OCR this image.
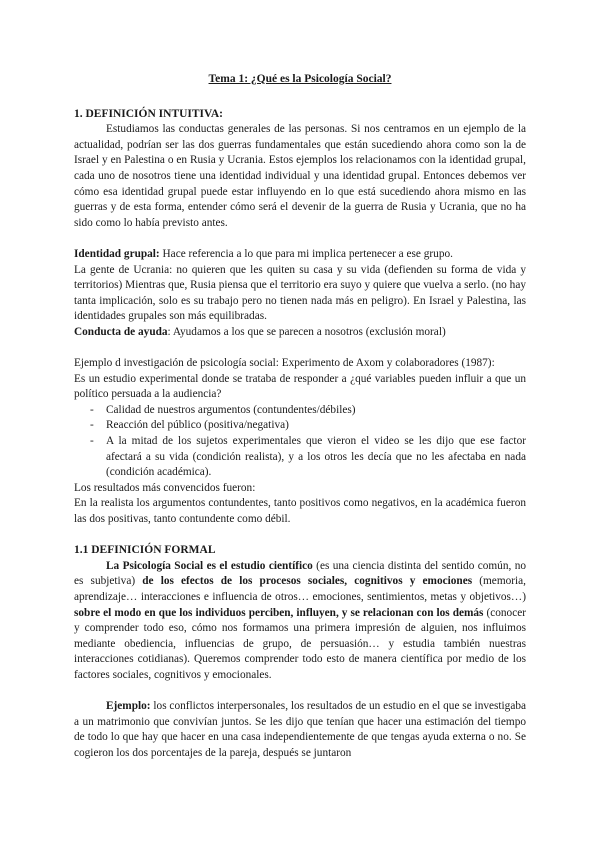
Tema 1: ¿Qué es la Psicología Social?

1. DEFINICIÓN INTUITIVA:

Estudiamos las conductas generales de las personas. Si nos centramos en un ejemplo de la actualidad, podrían ser las dos guerras fundamentales que están sucediendo ahora como son la de Israel y en Palestina o en Rusia y Ucrania. Estos ejemplos los relacionamos con la identidad grupal, cada uno de nosotros tiene una identidad individual y una identidad grupal. Entonces debemos ver cómo esa identidad grupal puede estar influyendo en lo que está sucediendo ahora mismo en las guerras y de esta forma, entender cómo será el devenir de la guerra de Rusia y Ucrania, que no ha sido como lo había previsto antes.

Identidad grupal: Hace referencia a lo que para mi implica pertenecer a ese grupo.

La gente de Ucrania: no quieren que les quiten su casa y su vida (defienden su forma de vida y territorios) Mientras que, Rusia piensa que el territorio era suyo y quiere que vuelva a serlo. (no hay tanta implicación, solo es su trabajo pero no tienen nada más en peligro). En Israel y Palestina, las identidades grupales son más equilibradas.

Conducta de ayuda: Ayudamos a los que se parecen a nosotros (exclusión moral)

Ejemplo d investigación de psicología social: Experimento de Axom y colaboradores (1987):

Es un estudio experimental donde se trataba de responder a ¿qué variables pueden influir a que un político persuada a la audiencia?

- Calidad de nuestros argumentos (contundentes/débiles)
- Reacción del público (positiva/negativa)
- A la mitad de los sujetos experimentales que vieron el video se les dijo que ese factor afectará a su vida (condición realista), y a los otros les decía que no les afectaba en nada (condición académica).

Los resultados más convencidos fueron:

En la realista los argumentos contundentes, tanto positivos como negativos, en la académica fueron las dos positivas, tanto contundente como débil.

1.1 DEFINICIÓN FORMAL

La Psicología Social es el estudio científico (es una ciencia distinta del sentido común, no es subjetiva) de los efectos de los procesos sociales, cognitivos y emociones (memoria, aprendizaje… interacciones e influencia de otros… emociones, sentimientos, metas y objetivos…) sobre el modo en que los individuos perciben, influyen, y se relacionan con los demás (conocer y comprender todo eso, cómo nos formamos una primera impresión de alguien, nos influimos mediante obediencia, influencias de grupo, de persuasión… y estudia también nuestras interacciones cotidianas). Queremos comprender todo esto de manera científica por medio de los factores sociales, cognitivos y emocionales.

Ejemplo: los conflictos interpersonales, los resultados de un estudio en el que se investigaba a un matrimonio que convivían juntos. Se les dijo que tenían que hacer una estimación del tiempo de todo lo que hay que hacer en una casa independientemente de que tengas ayuda externa o no. Se cogieron los dos porcentajes de la pareja, después se juntaron
